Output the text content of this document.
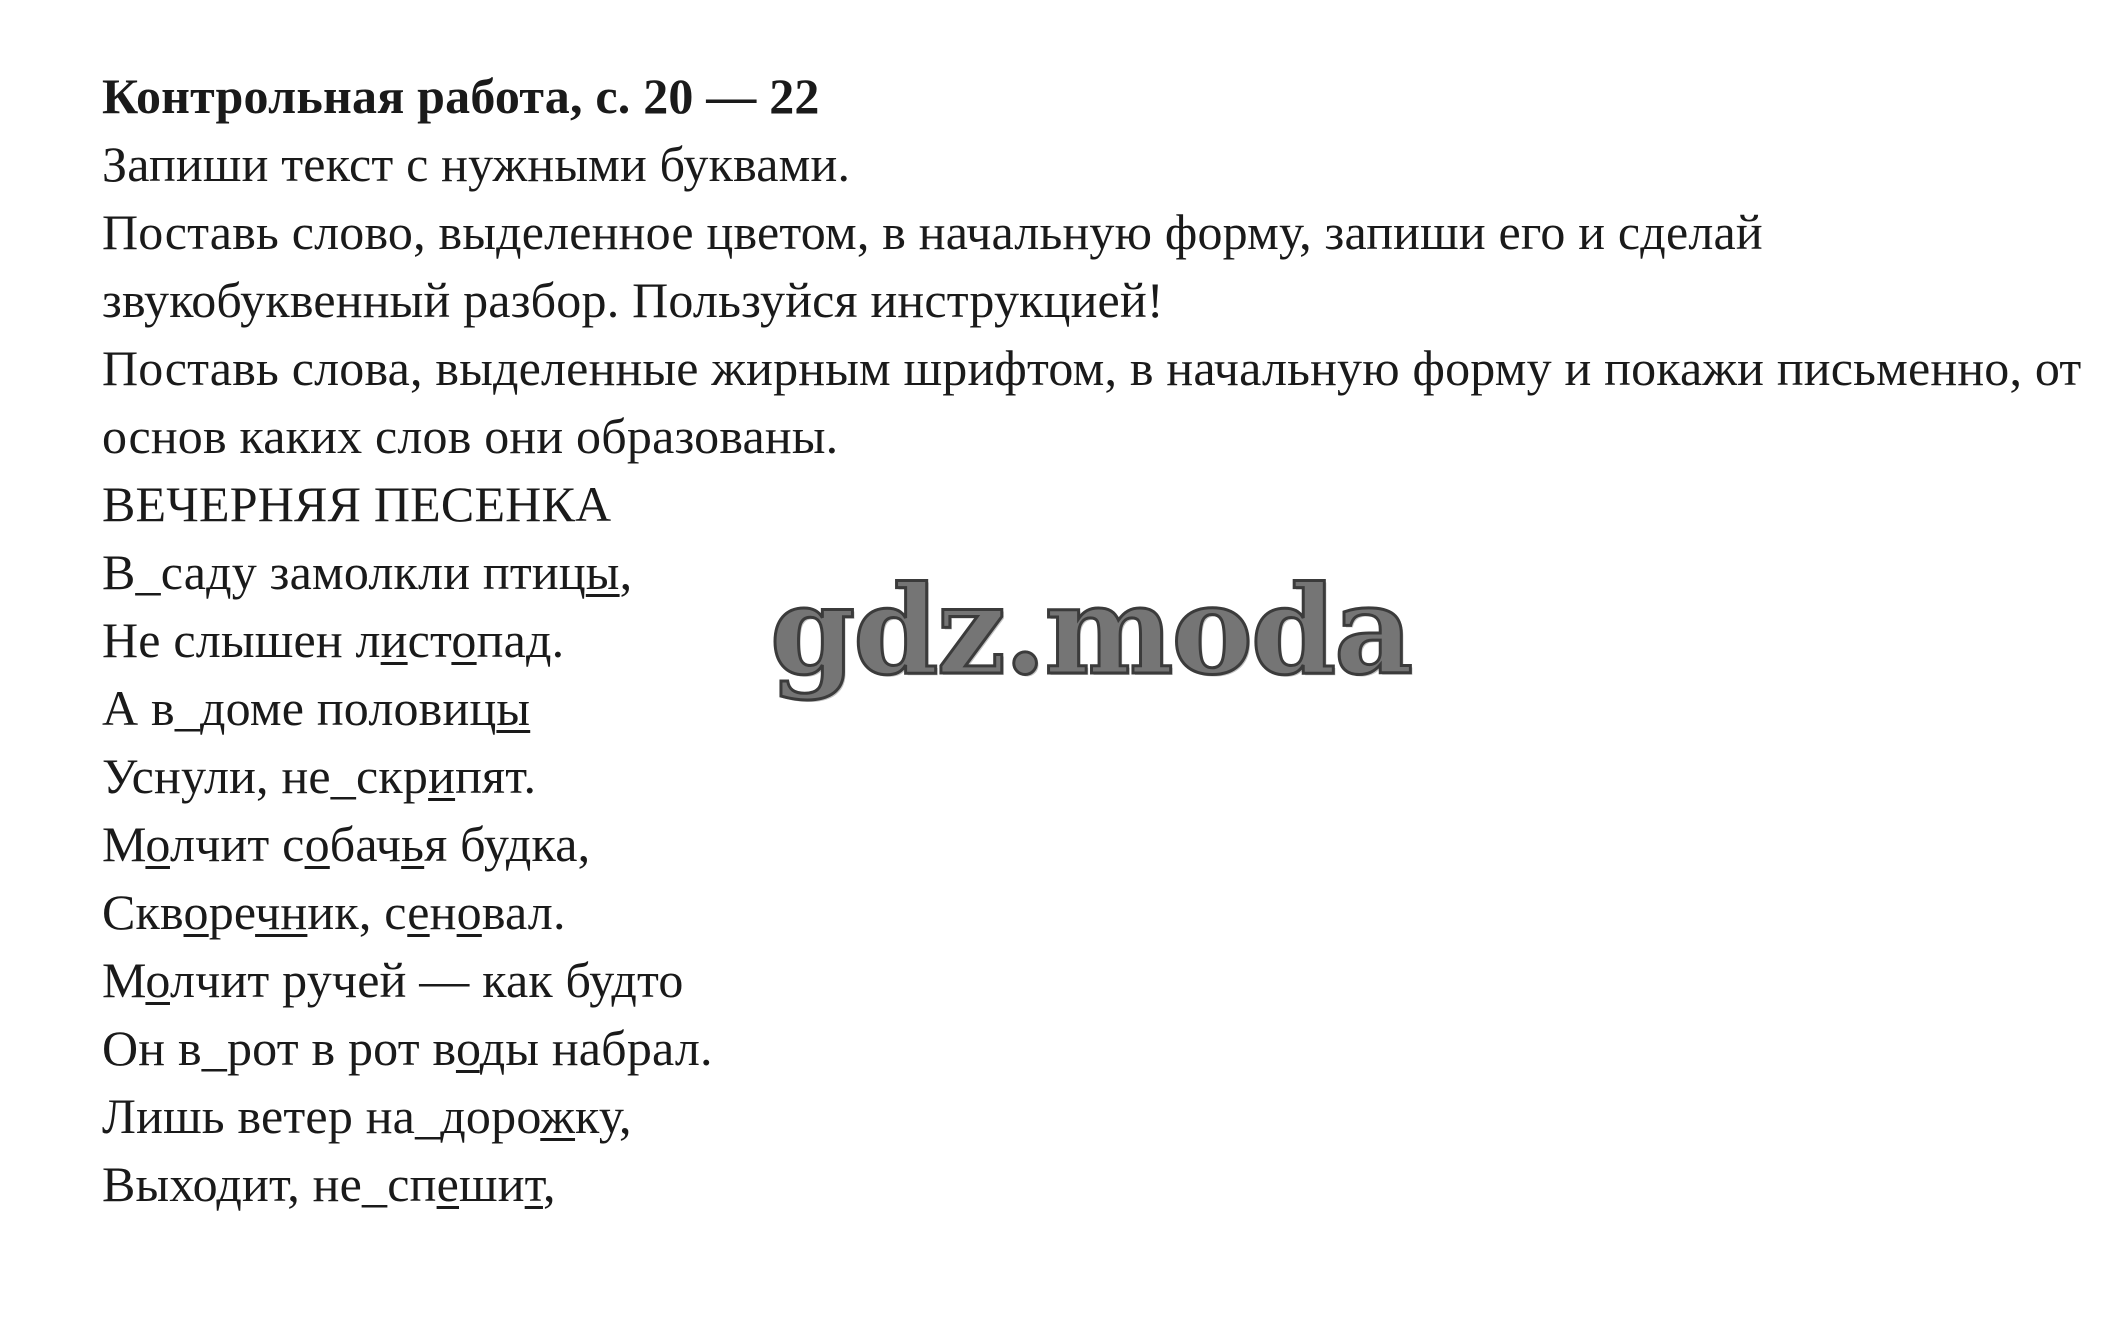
Контрольная работа, с. 20 — 22
Запиши текст с нужными буквами.
Поставь слово, выделенное цветом, в начальную форму, запиши его и сделай звукобуквенный разбор. Пользуйся инструкцией!
Поставь слова, выделенные жирным шрифтом, в начальную форму и покажи письменно, от основ каких слов они образованы.
ВЕЧЕРНЯЯ ПЕСЕНКА
В_саду замолкли птицы,
Не слышен листопад.
А в_доме половицы
Уснули, не_скрипят.
Молчит собачья будка,
Скворечник, сеновал.
Молчит ручей — как будто
Он в_рот в рот воды набрал.
Лишь ветер на_дорожку,
Выходит, не_спешит,
gdz.moda
